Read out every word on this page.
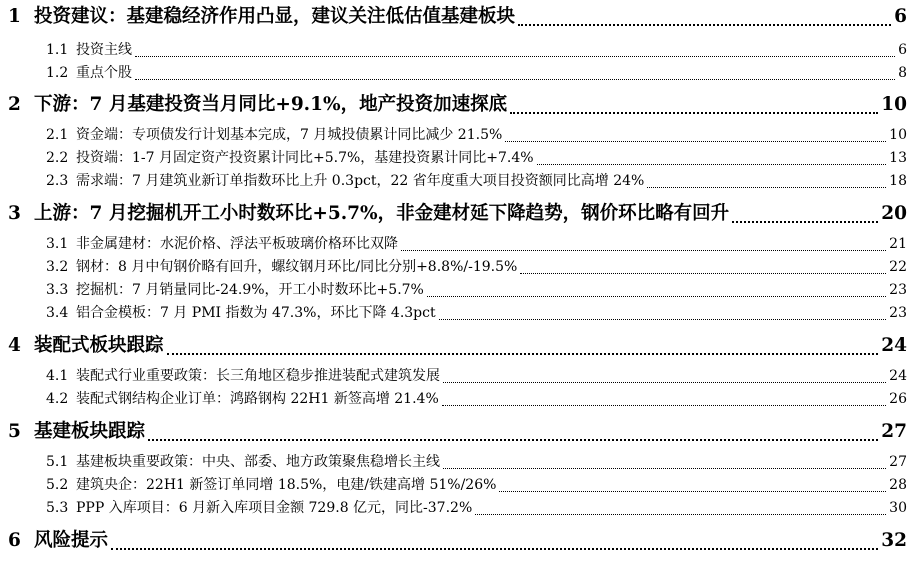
1 投资建议：基建稳经济作用凸显，建议关注低估值基建板块	6
1.1 投资主线	6
1.2 重点个股	8
2 下游：7 月基建投资当月同比+9.1%，地产投资加速探底	10
2.1 资金端：专项债发行计划基本完成，7 月城投债累计同比减少 21.5%	10
2.2 投资端：1-7 月固定资产投资累计同比+5.7%，基建投资累计同比+7.4%	13
2.3 需求端：7 月建筑业新订单指数环比上升 0.3pct，22 省年度重大项目投资额同比高增 24%	18
3 上游：7 月挖掘机开工小时数环比+5.7%，非金建材延下降趋势，钢价环比略有回升	20
3.1 非金属建材：水泥价格、浮法平板玻璃价格环比双降	21
3.2 钢材：8 月中旬钢价略有回升，螺纹钢月环比/同比分别+8.8%/-19.5%	22
3.3 挖掘机：7 月销量同比-24.9%，开工小时数环比+5.7%	23
3.4 铝合金模板：7 月 PMI 指数为 47.3%，环比下降 4.3pct	23
4 装配式板块跟踪	24
4.1 装配式行业重要政策：长三角地区稳步推进装配式建筑发展	24
4.2 装配式钢结构企业订单：鸿路钢构 22H1 新签高增 21.4%	26
5 基建板块跟踪	27
5.1 基建板块重要政策：中央、部委、地方政策聚焦稳增长主线	27
5.2 建筑央企：22H1 新签订单同增 18.5%，电建/铁建高增 51%/26%	28
5.3 PPP 入库项目：6 月新入库项目金额 729.8 亿元，同比-37.2%	30
6 风险提示	32
